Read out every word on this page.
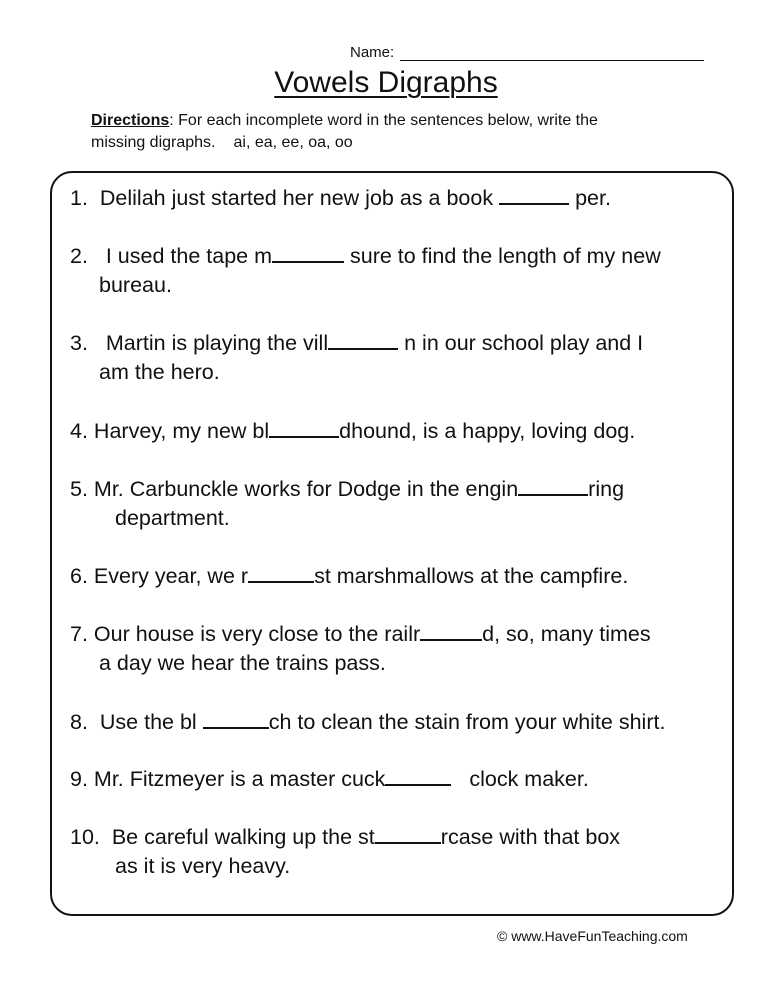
Name:
Vowels Digraphs
Directions: For each incomplete word in the sentences below, write the
missing digraphs. ai, ea, ee, oa, oo
1. Delilah just started her new job as a book	per.
2. I used the tape m	sure to find the length of my new
bureau.
3. Martin is playing the vill	n in our school play and I
am the hero.
4. Harvey, my new bl	dhound, is a happy, loving dog.
5. Mr. Carbunckle works for Dodge in the engin	ring
department.
6. Every year, we r	st marshmallows at the campfire.
7. Our house is very close to the railr	d, so, many times
a day we hear the trains pass.
8. Use the bl	ch to clean the stain from your white shirt.
9. Mr. Fitzmeyer is a master cuck	clock maker.
10. Be careful walking up the st	rcase with that box
as it is very heavy.
© www.HaveFunTeaching.com
